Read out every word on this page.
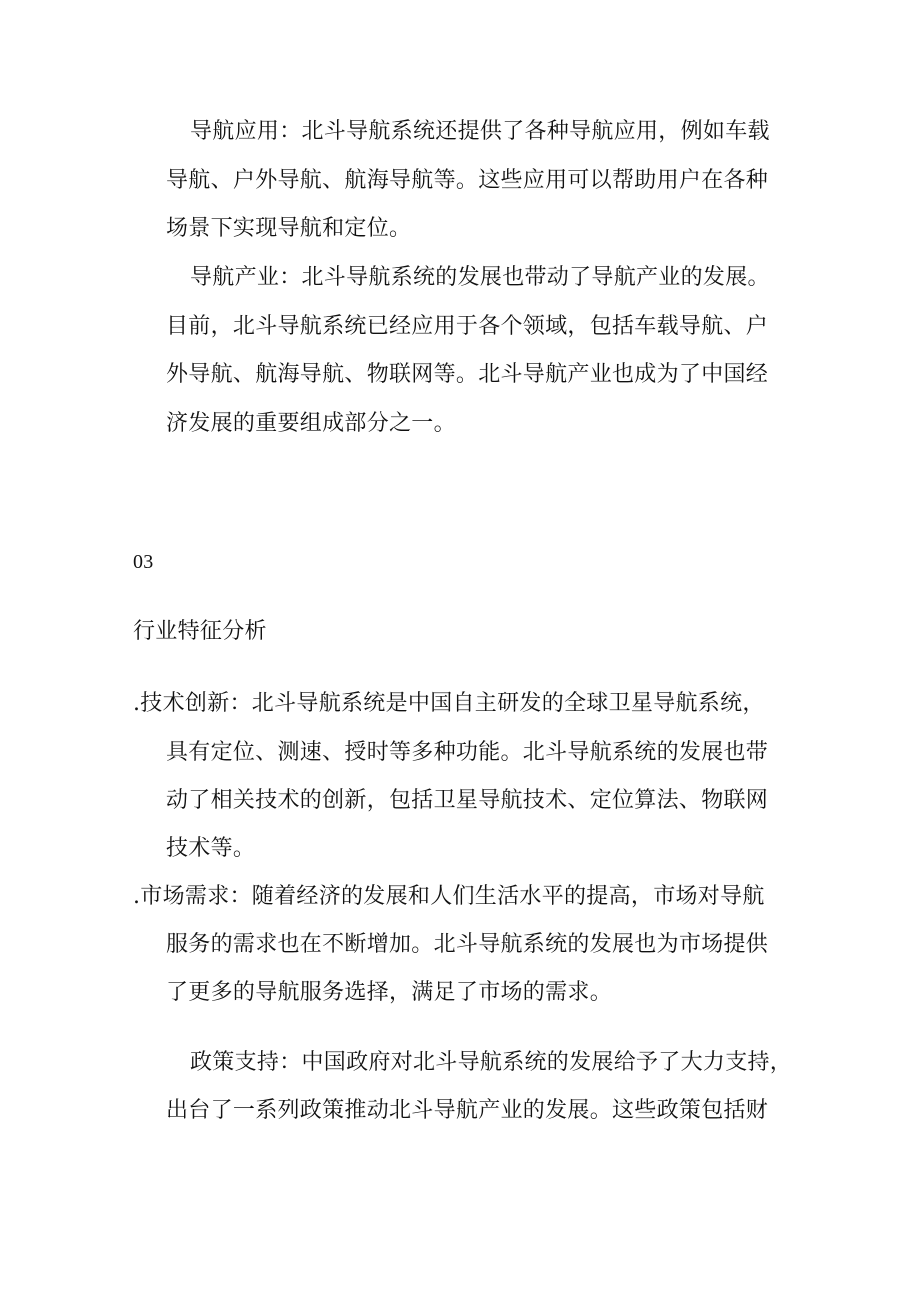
导航应用：北斗导航系统还提供了各种导航应用，例如车载
导航、户外导航、航海导航等。这些应用可以帮助用户在各种
场景下实现导航和定位。
导航产业：北斗导航系统的发展也带动了导航产业的发展。
目前，北斗导航系统已经应用于各个领域，包括车载导航、户
外导航、航海导航、物联网等。北斗导航产业也成为了中国经
济发展的重要组成部分之一。
03
行业特征分析
.技术创新：北斗导航系统是中国自主研发的全球卫星导航系统，
具有定位、测速、授时等多种功能。北斗导航系统的发展也带
动了相关技术的创新，包括卫星导航技术、定位算法、物联网
技术等。
.市场需求：随着经济的发展和人们生活水平的提高，市场对导航
服务的需求也在不断增加。北斗导航系统的发展也为市场提供
了更多的导航服务选择，满足了市场的需求。
政策支持：中国政府对北斗导航系统的发展给予了大力支持，
出台了一系列政策推动北斗导航产业的发展。这些政策包括财
